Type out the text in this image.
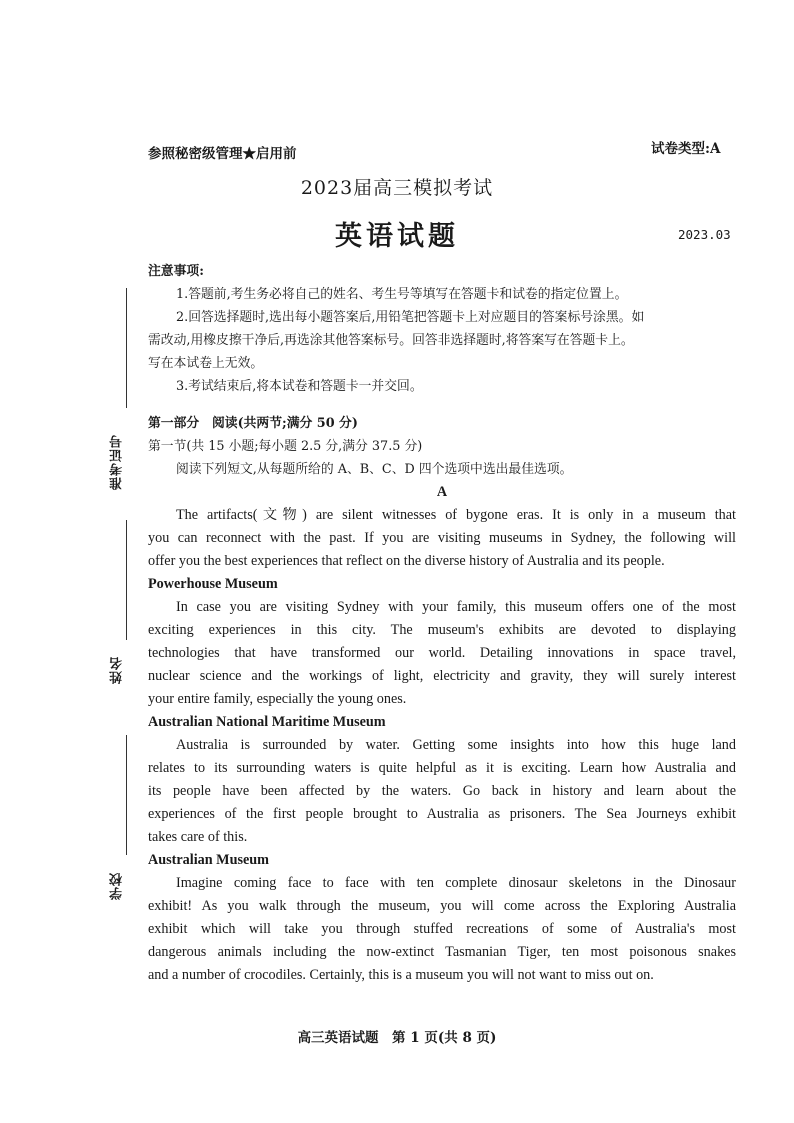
参照秘密级管理★启用前	试卷类型:A
2023届高三模拟考试
英语试题	2023.03
准考证号
姓名
学校
注意事项:
1.答题前,考生务必将自己的姓名、考生号等填写在答题卡和试卷的指定位置上。
2.回答选择题时,选出每小题答案后,用铅笔把答题卡上对应题目的答案标号涂黑。如
需改动,用橡皮擦干净后,再选涂其他答案标号。回答非选择题时,将答案写在答题卡上。
写在本试卷上无效。
3.考试结束后,将本试卷和答题卡一并交回。
第一部分　阅读(共两节;满分 50 分)
第一节(共 15 小题;每小题 2.5 分,满分 37.5 分)
阅读下列短文,从每题所给的 A、B、C、D 四个选项中选出最佳选项。
A
The artifacts(文物) are silent witnesses of bygone eras. It is only in a museum that
you can reconnect with the past. If you are visiting museums in Sydney, the following will
offer you the best experiences that reflect on the diverse history of Australia and its people.
Powerhouse Museum
In case you are visiting Sydney with your family, this museum offers one of the most
exciting experiences in this city. The museum's exhibits are devoted to displaying
technologies that have transformed our world. Detailing innovations in space travel,
nuclear science and the workings of light, electricity and gravity, they will surely interest
your entire family, especially the young ones.
Australian National Maritime Museum
Australia is surrounded by water. Getting some insights into how this huge land
relates to its surrounding waters is quite helpful as it is exciting. Learn how Australia and
its people have been affected by the waters. Go back in history and learn about the
experiences of the first people brought to Australia as prisoners. The Sea Journeys exhibit
takes care of this.
Australian Museum
Imagine coming face to face with ten complete dinosaur skeletons in the Dinosaur
exhibit! As you walk through the museum, you will come across the Exploring Australia
exhibit which will take you through stuffed recreations of some of Australia's most
dangerous animals including the now-extinct Tasmanian Tiger, ten most poisonous snakes
and a number of crocodiles. Certainly, this is a museum you will not want to miss out on.
高三英语试题　第 1 页(共 8 页)
